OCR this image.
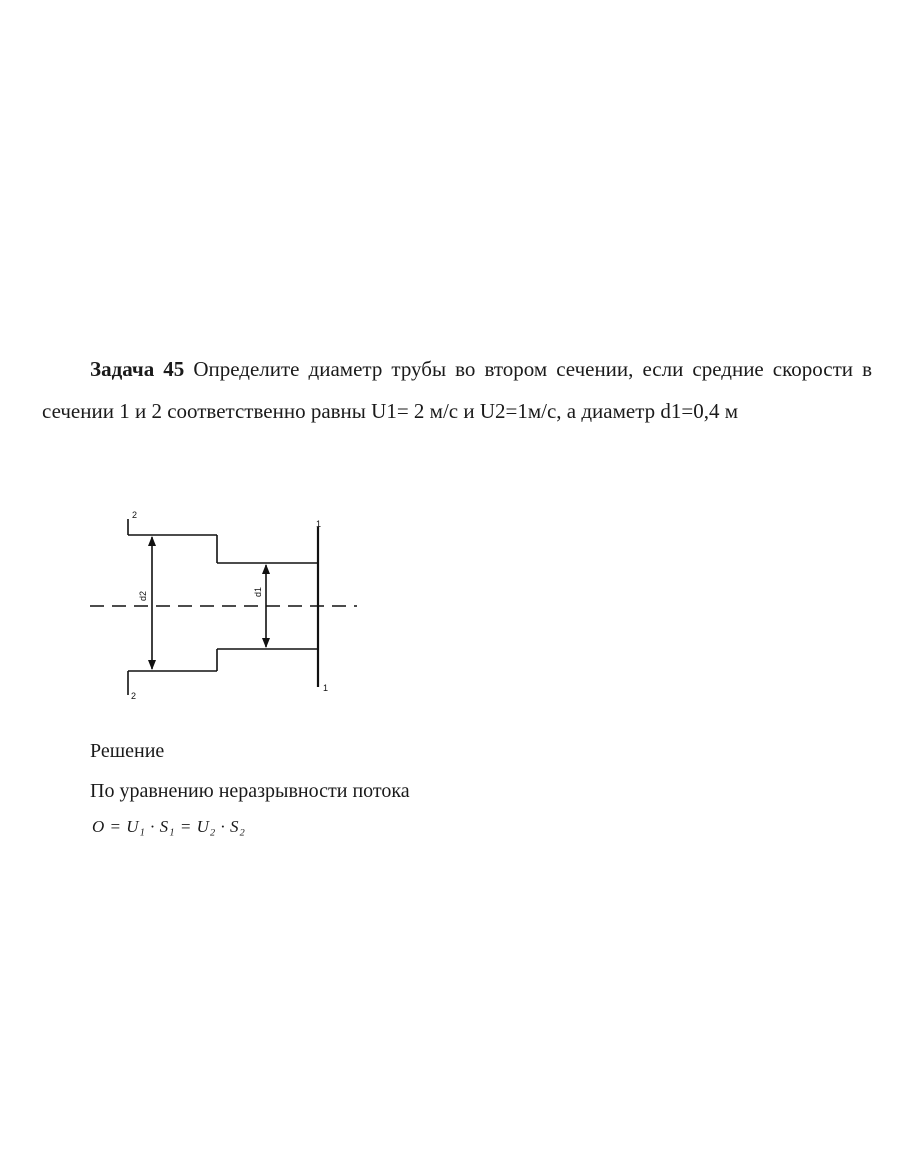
Задача 45 Определите диаметр трубы во втором сечении, если средние скорости в сечении 1 и 2 соответственно равны U1= 2 м/с и U2=1м/с, а диаметр d1=0,4 м

2
2
1
1
d2	d1
Решение
По уравнению неразрывности потока
O = U₁ · S₁ = U₂ · S₂
